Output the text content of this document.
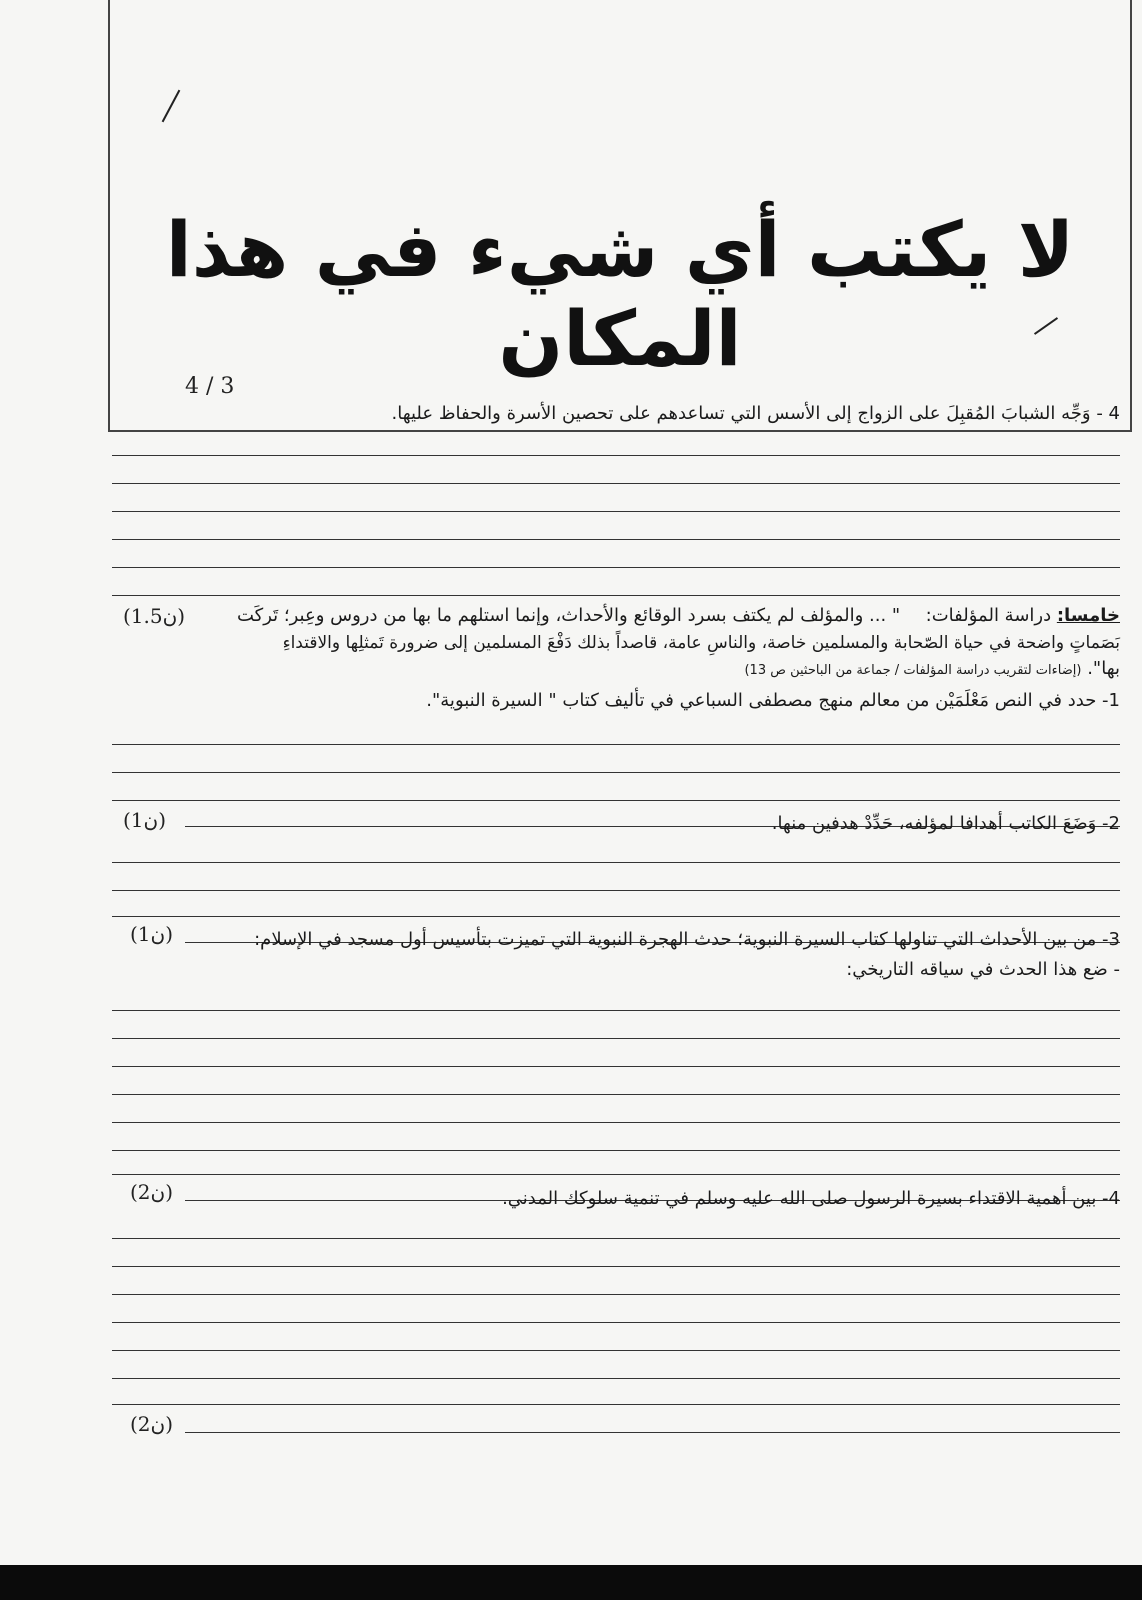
لا يكتب أي شيء في هذا المكان
4 / 3
4 - وَجِّه الشبابَ المُقبِلَ على الزواج إلى الأسس التي تساعدهم على تحصين الأسرة والحفاظ عليها.
خامسا: دراسة المؤلفات:  " ... والمؤلف لم يكتف بسرد الوقائع والأحداث، وإنما استلهم ما بها من دروس وعِبر؛ تَركَت
(1.5ن)
بَصَماتٍ واضحة في حياة الصّحابة والمسلمين خاصة، والناسِ عامة، قاصداً بذلك دَفْعَ المسلمين إلى ضرورة تَمثلِها والاقتداءِ
بها". (إضاءات لتقريب دراسة المؤلفات / جماعة من الباحثين ص 13)
1- حدد في النص مَعْلَمَيْن من معالم منهج مصطفى السباعي في تأليف كتاب " السيرة النبوية".
(1ن)	2- وَضَعَ الكاتب أهدافا لمؤلفه، حَدِّدْ هدفين منها.
(1ن)	3- من بين الأحداث التي تناولها كتاب السيرة النبوية؛ حدث الهجرة النبوية التي تميزت بتأسيس أول مسجد في الإسلام:
- ضع هذا الحدث في سياقه التاريخي:
(2ن)	4- بين أهمية الاقتداء بسيرة الرسول صلى الله عليه وسلم في تنمية سلوكك المدني.
(2ن)
